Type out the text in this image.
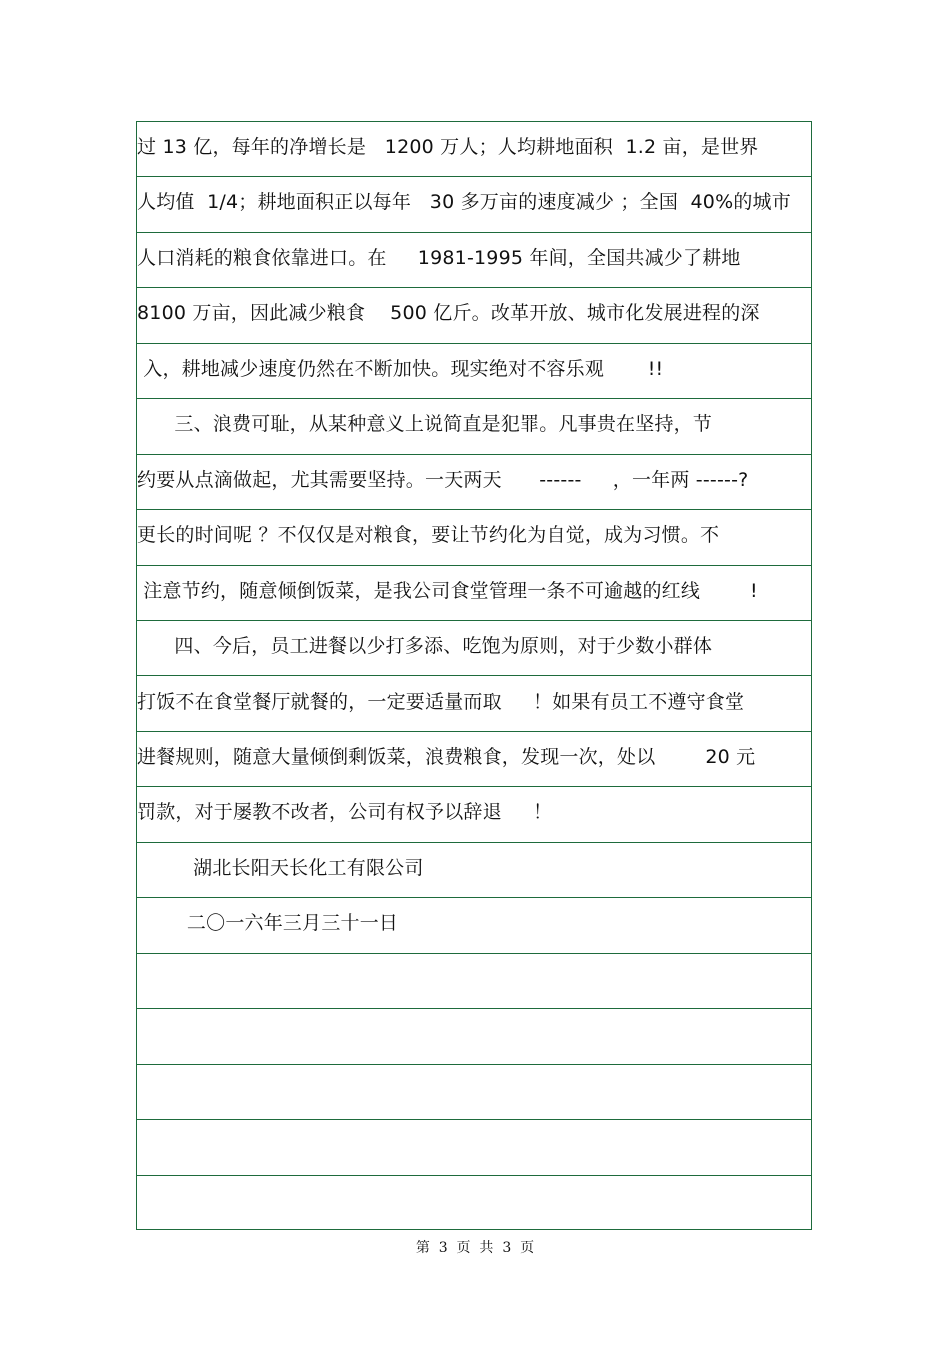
过 13 亿，每年的净增长是   1200 万人；人均耕地面积  1.2 亩，是世界
人均值  1/4；耕地面积正以每年   30 多万亩的速度减少 ；全国  40%的城市
人口消耗的粮食依靠进口。在     1981-1995 年间，全国共减少了耕地
8100 万亩，因此减少粮食    500 亿斤。改革开放、城市化发展进程的深
入，耕地减少速度仍然在不断加快。现实绝对不容乐观       !!
三、浪费可耻，从某种意义上说简直是犯罪。凡事贵在坚持，节
约要从点滴做起，尤其需要坚持。一天两天      ------     ，一年两 ------?
更长的时间呢 ？不仅仅是对粮食，要让节约化为自觉，成为习惯。不
注意节约，随意倾倒饭菜，是我公司食堂管理一条不可逾越的红线        !
四、今后，员工进餐以少打多添、吃饱为原则，对于少数小群体
打饭不在食堂餐厅就餐的，一定要适量而取     ！如果有员工不遵守食堂
进餐规则，随意大量倾倒剩饭菜，浪费粮食，发现一次，处以        20 元
罚款，对于屡教不改者，公司有权予以辞退     ！
湖北长阳天长化工有限公司
二〇一六年三月三十一日
第  3  页  共  3  页
